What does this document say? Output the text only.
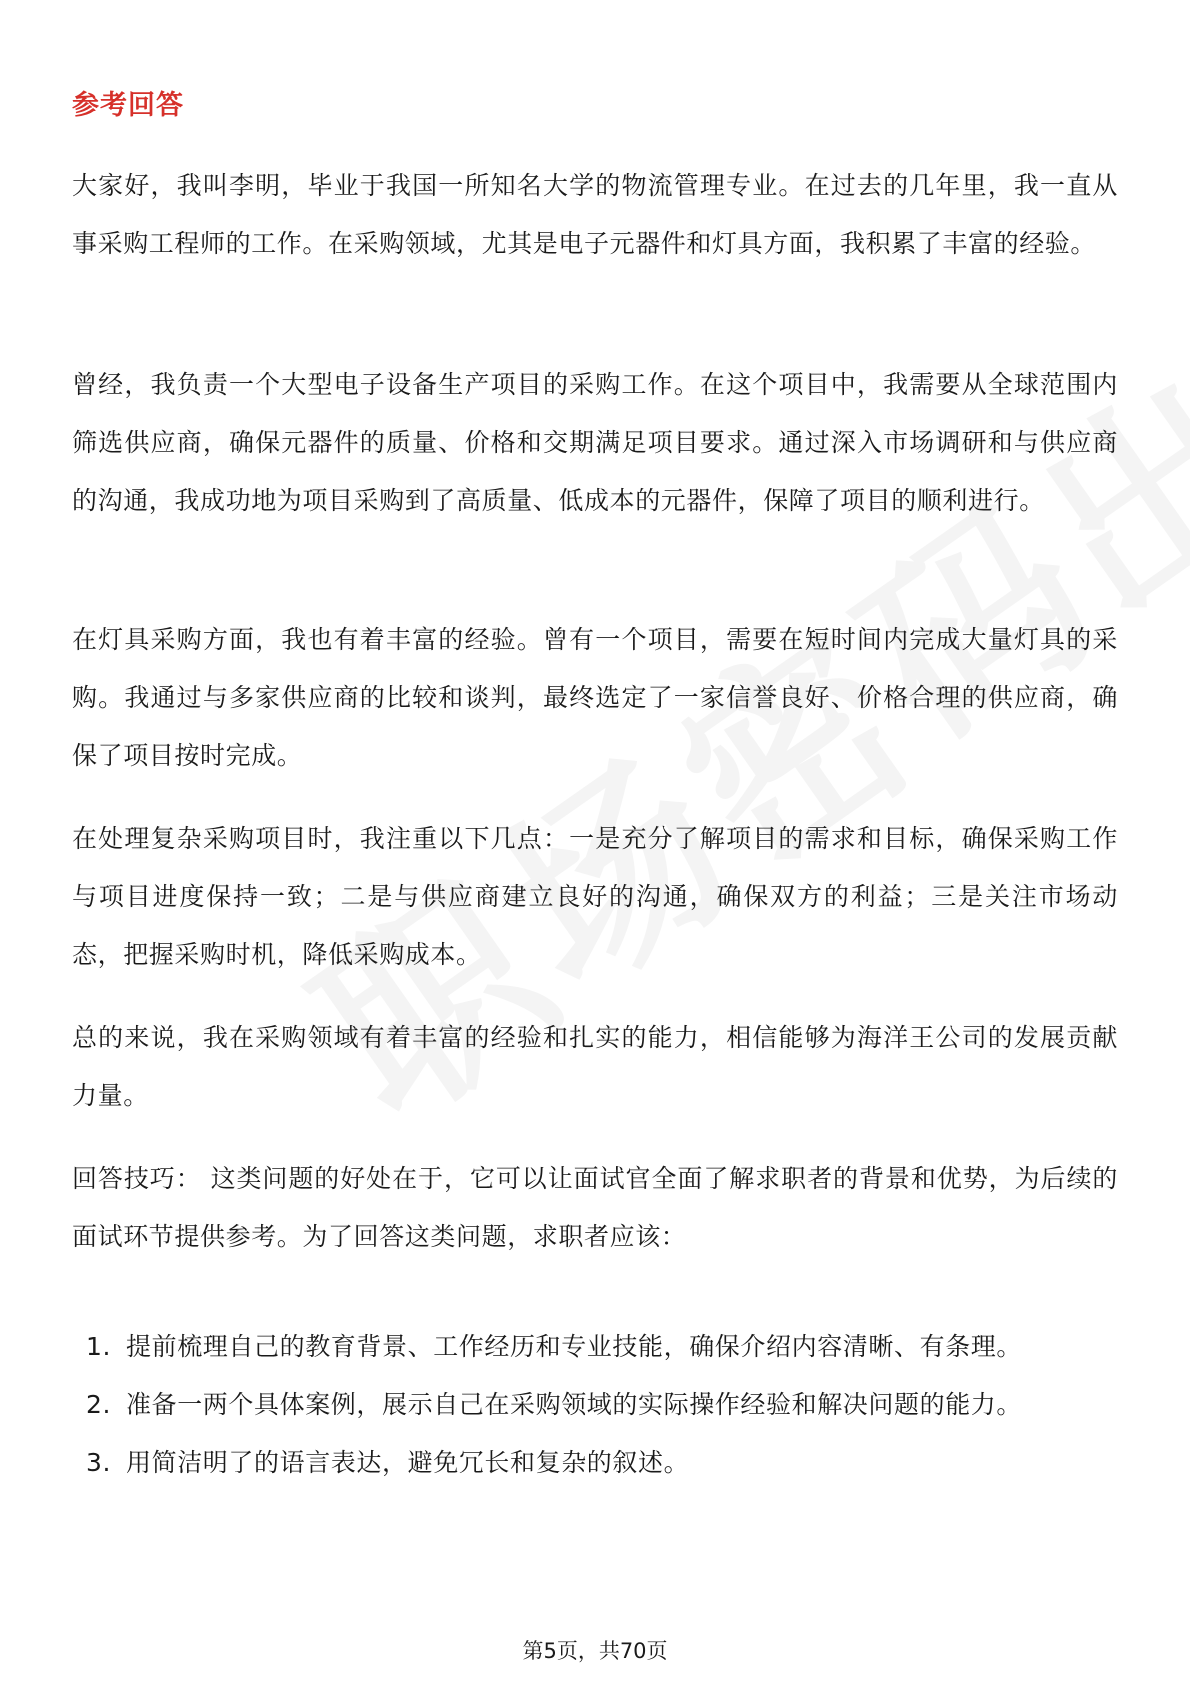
参考回答

大家好，我叫李明，毕业于我国一所知名大学的物流管理专业。在过去的几年里，我一直从事采购工程师的工作。在采购领域，尤其是电子元器件和灯具方面，我积累了丰富的经验。

曾经，我负责一个大型电子设备生产项目的采购工作。在这个项目中，我需要从全球范围内筛选供应商，确保元器件的质量、价格和交期满足项目要求。通过深入市场调研和与供应商的沟通，我成功地为项目采购到了高质量、低成本的元器件，保障了项目的顺利进行。

在灯具采购方面，我也有着丰富的经验。曾有一个项目，需要在短时间内完成大量灯具的采购。我通过与多家供应商的比较和谈判，最终选定了一家信誉良好、价格合理的供应商，确保了项目按时完成。

在处理复杂采购项目时，我注重以下几点：一是充分了解项目的需求和目标，确保采购工作与项目进度保持一致；二是与供应商建立良好的沟通，确保双方的利益；三是关注市场动态，把握采购时机，降低采购成本。

总的来说，我在采购领域有着丰富的经验和扎实的能力，相信能够为海洋王公司的发展贡献力量。

回答技巧： 这类问题的好处在于，它可以让面试官全面了解求职者的背景和优势，为后续的面试环节提供参考。为了回答这类问题，求职者应该：

1. 提前梳理自己的教育背景、工作经历和专业技能，确保介绍内容清晰、有条理。
2. 准备一两个具体案例，展示自己在采购领域的实际操作经验和解决问题的能力。
3. 用简洁明了的语言表达，避免冗长和复杂的叙述。
第5页，共70页
